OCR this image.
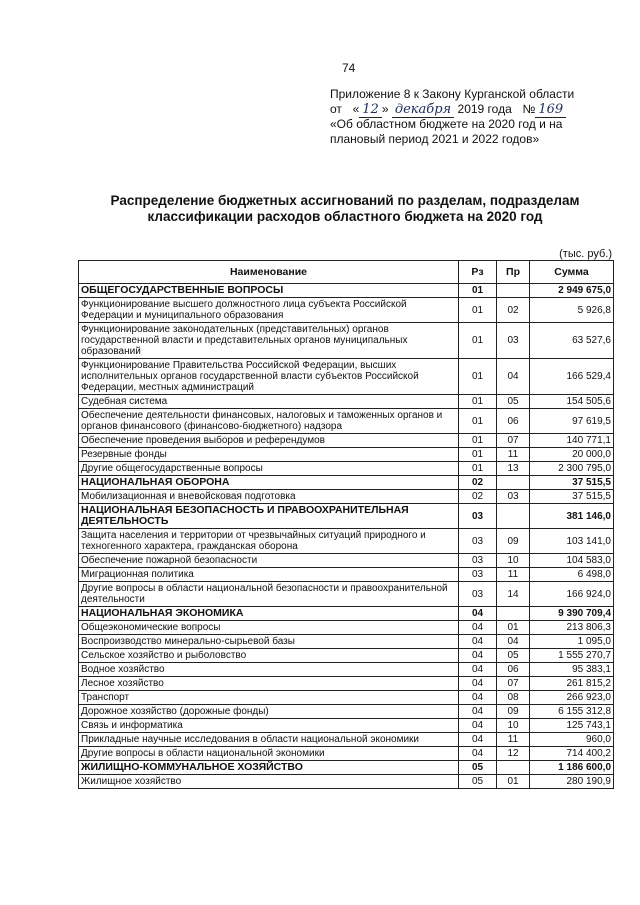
74
Приложение 8 к Закону Курганской области
от « 12 » декабря 2019 года № 169
«Об областном бюджете на 2020 год и на плановый период 2021 и 2022 годов»
Распределение бюджетных ассигнований по разделам, подразделам классификации расходов областного бюджета на 2020 год
(тыс. руб.)
Наименование	Рз	Пр	Сумма
ОБЩЕГОСУДАРСТВЕННЫЕ ВОПРОСЫ	01		2 949 675,0
Функционирование высшего должностного лица субъекта Российской Федерации и муниципального образования	01	02	5 926,8
Функционирование законодательных (представительных) органов государственной власти и представительных органов муниципальных образований	01	03	63 527,6
Функционирование Правительства Российской Федерации, высших исполнительных органов государственной власти субъектов Российской Федерации, местных администраций	01	04	166 529,4
Судебная система	01	05	154 505,6
Обеспечение деятельности финансовых, налоговых и таможенных органов и органов финансового (финансово-бюджетного) надзора	01	06	97 619,5
Обеспечение проведения выборов и референдумов	01	07	140 771,1
Резервные фонды	01	11	20 000,0
Другие общегосударственные вопросы	01	13	2 300 795,0
НАЦИОНАЛЬНАЯ ОБОРОНА	02		37 515,5
Мобилизационная и вневойсковая подготовка	02	03	37 515,5
НАЦИОНАЛЬНАЯ БЕЗОПАСНОСТЬ И ПРАВООХРАНИТЕЛЬНАЯ ДЕЯТЕЛЬНОСТЬ	03		381 146,0
Защита населения и территории от чрезвычайных ситуаций природного и техногенного характера, гражданская оборона	03	09	103 141,0
Обеспечение пожарной безопасности	03	10	104 583,0
Миграционная политика	03	11	6 498,0
Другие вопросы в области национальной безопасности и правоохранительной деятельности	03	14	166 924,0
НАЦИОНАЛЬНАЯ ЭКОНОМИКА	04		9 390 709,4
Общеэкономические вопросы	04	01	213 806,3
Воспроизводство минерально-сырьевой базы	04	04	1 095,0
Сельское хозяйство и рыболовство	04	05	1 555 270,7
Водное хозяйство	04	06	95 383,1
Лесное хозяйство	04	07	261 815,2
Транспорт	04	08	266 923,0
Дорожное хозяйство (дорожные фонды)	04	09	6 155 312,8
Связь и информатика	04	10	125 743,1
Прикладные научные исследования в области национальной экономики	04	11	960,0
Другие вопросы в области национальной экономики	04	12	714 400,2
ЖИЛИЩНО-КОММУНАЛЬНОЕ ХОЗЯЙСТВО	05		1 186 600,0
Жилищное хозяйство	05	01	280 190,9
